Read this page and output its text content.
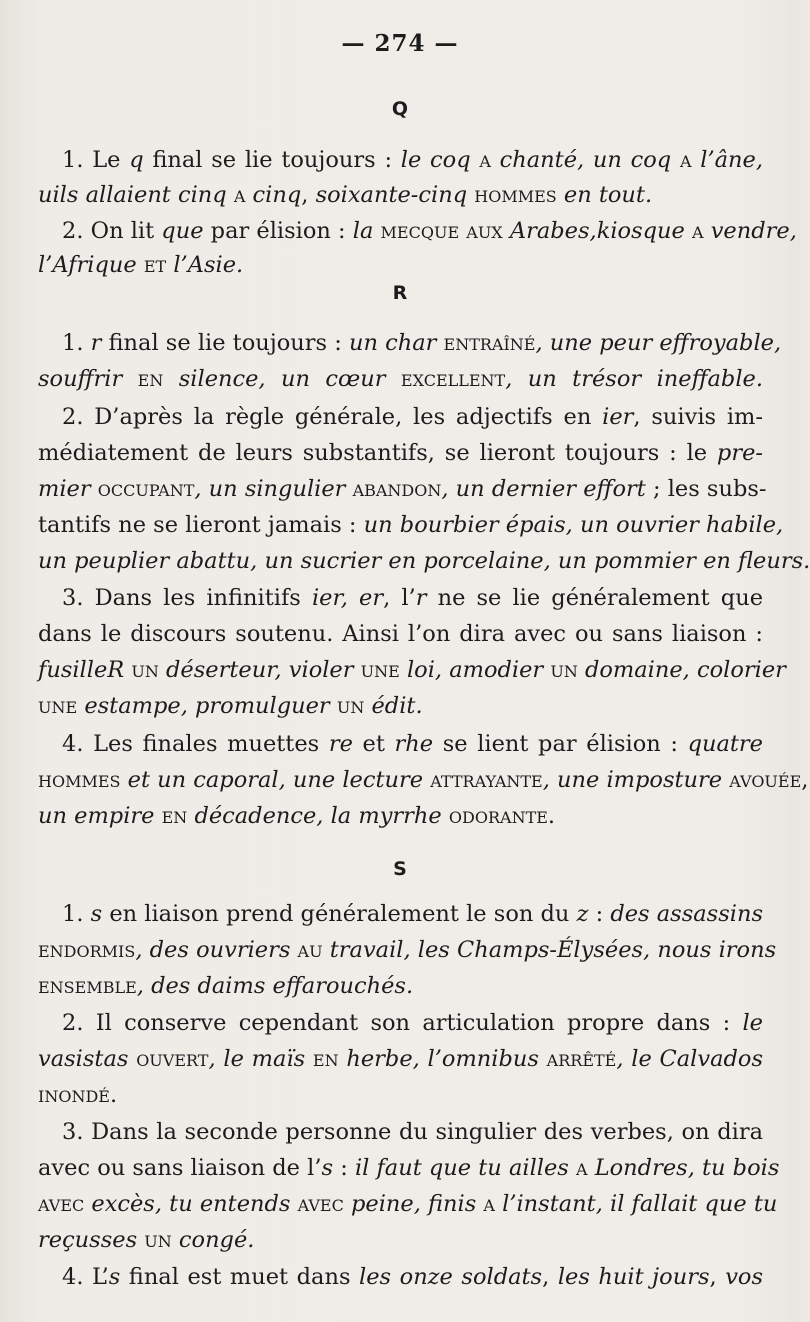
— 274 —
Q
1. Le q final se lie toujours : le coq a chanté, un coq a l’âne,
uils allaient cinq a cinq, soixante-cinq hommes en tout.
2. On lit que par élision : la mecque aux Arabes,kiosque a vendre,
l’Afrique et l’Asie.
R
1. r final se lie toujours : un char entraîné, une peur effroyable,
souffrir en silence, un cœur excellent, un trésor ineffable.
2. D’après la règle générale, les adjectifs en ier, suivis im-
médiatement de leurs substantifs, se lieront toujours : le pre-
mier occupant, un singulier abandon, un dernier effort ; les subs-
tantifs ne se lieront jamais : un bourbier épais, un ouvrier habile,
un peuplier abattu, un sucrier en porcelaine, un pommier en fleurs.
3. Dans les infinitifs ier, er, l’r ne se lie généralement que
dans le discours soutenu. Ainsi l’on dira avec ou sans liaison :
fusilleR un déserteur, violer une loi, amodier un domaine, colorier
une estampe, promulguer un édit.
4. Les finales muettes re et rhe se lient par élision : quatre
hommes et un caporal, une lecture attrayante, une imposture avouée,
un empire en décadence, la myrrhe odorante.
S
1. s en liaison prend généralement le son du z : des assassins
endormis, des ouvriers au travail, les Champs-Élysées, nous irons
ensemble, des daims effarouchés.
2. Il conserve cependant son articulation propre dans : le
vasistas ouvert, le maïs en herbe, l’omnibus arrêté, le Calvados
inondé.
3. Dans la seconde personne du singulier des verbes, on dira
avec ou sans liaison de l’s : il faut que tu ailles a Londres, tu bois
avec excès, tu entends avec peine, finis a l’instant, il fallait que tu
reçusses un congé.
4. L’s final est muet dans les onze soldats, les huit jours, vos
